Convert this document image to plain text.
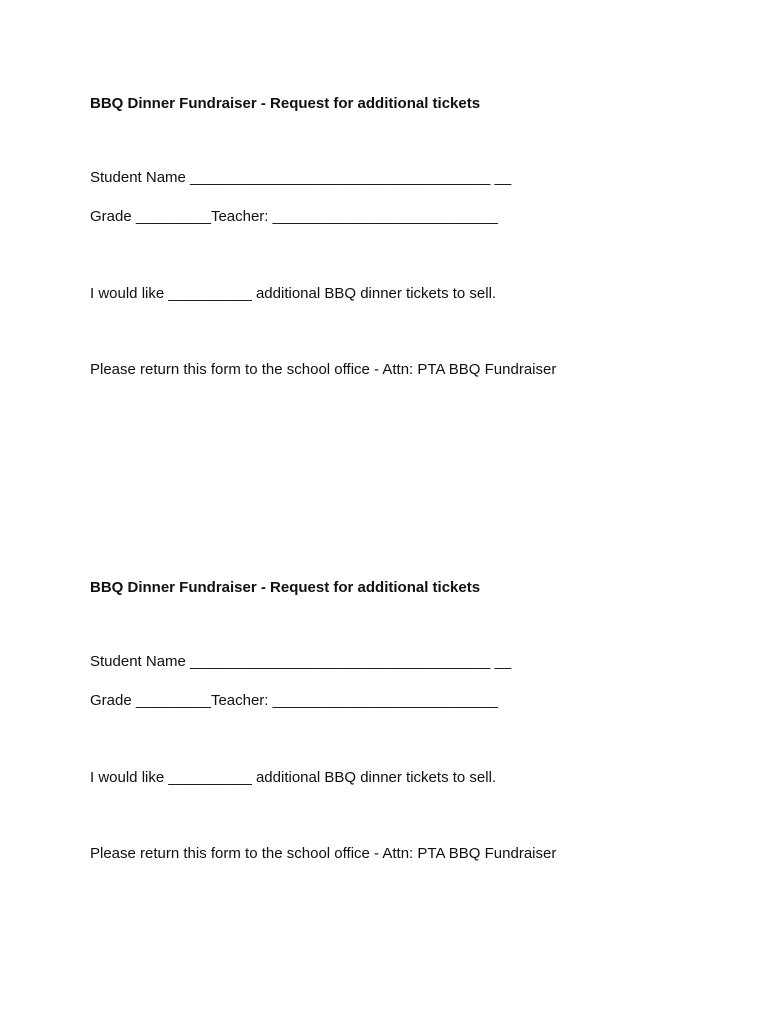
BBQ Dinner Fundraiser - Request for additional tickets
Student Name ____________________________________ __
Grade _________Teacher: ___________________________
I would like __________ additional BBQ dinner tickets to sell.
Please return this form to the school office - Attn: PTA BBQ Fundraiser
BBQ Dinner Fundraiser - Request for additional tickets
Student Name ____________________________________ __
Grade _________Teacher: ___________________________
I would like __________ additional BBQ dinner tickets to sell.
Please return this form to the school office - Attn: PTA BBQ Fundraiser
